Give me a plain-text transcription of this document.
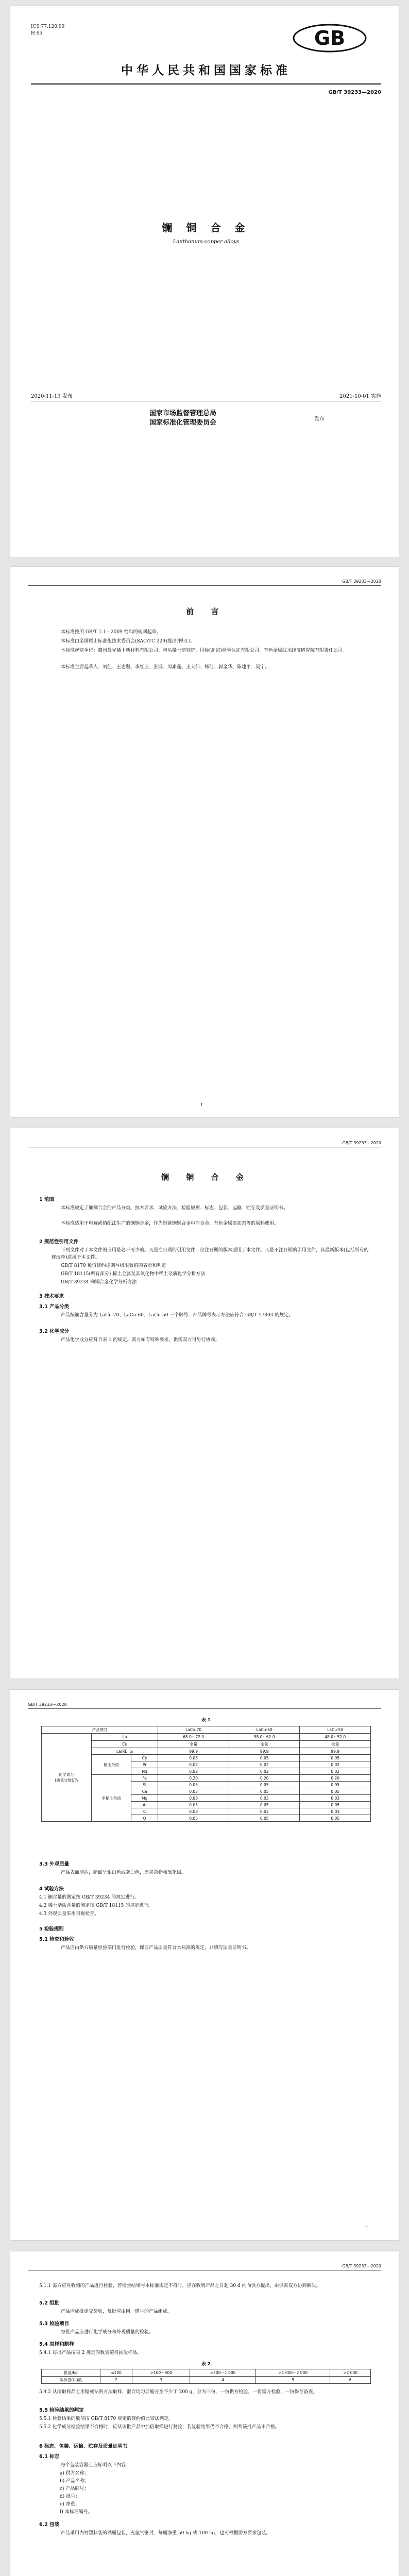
ICS 77.120.99
H 65	GB
中华人民共和国国家标准
GB/T 39233—2020
镧 铜 合 金
Lanthanum-copper alloys
2020-11-19 发布	2021-10-01 实施
国家市场监督管理总局
国家标准化管理委员会	发布
GB/T 39233—2020
前 言
本标准按照 GB/T 1.1—2009 给出的规则起草。
本标准由全国稀土标准化技术委员会(SAC/TC 229)提出并归口。
本标准起草单位：赣州晨光稀土新材料有限公司、包头稀土研究院、国标(北京)检验认证有限公司、有色金属技术经济研究院有限责任公司。
本标准主要起草人：刘佳、王志坚、李红卫、张鸿、周素莲、王大伟、杨红、郭金华、陈建平、吴宁。
I
GB/T 39233—2020
镧 铜 合 金
1 范围
本标准规定了镧铜合金的产品分类、技术要求、试验方法、检验规则、标志、包装、运输、贮存及质量证明书。
本标准适用于电解或熔配法生产的镧铜合金，作为制备镧铜合金中间合金、有色金属添加剂等的原料使用。
2 规范性引用文件
下列文件对于本文件的应用是必不可少的。凡是注日期的引用文件，仅注日期的版本适用于本文件。凡是不注日期的引用文件，其最新版本(包括所有的修改单)适用于本文件。
GB/T 8170 数值修约规则与极限数值的表示和判定
GB/T 18115(所有部分) 稀土金属及其氧化物中稀土杂质化学分析方法
GB/T 39234 镧铜合金化学分析方法
3 技术要求
3.1 产品分类
产品按镧含量分为 LaCu-70、LaCu-60、LaCu-50 三个牌号，产品牌号表示方法应符合 GB/T 17803 的规定。
3.2 化学成分
产品化学成分应符合表 1 的规定。需方如有特殊要求，供需双方可另行协商。
GB/T 39233—2020
表 1
产品牌号			LaCu-70	LaCu-60	LaCu-50
化学成分
(质量分数)/%	La		68.0～72.0	58.0～62.0	48.0～52.0
	Cu		余量	余量	余量
	La/RE, ≥		99.9	99.9	99.9
	稀土杂质	Ce	0.05	0.05	0.05
		Pr	0.02	0.02	0.02
		Nd	0.02	0.02	0.02
	非稀土杂质	Fe	0.20	0.20	0.20
		Si	0.05	0.05	0.05
		Ca	0.05	0.05	0.05
		Mg	0.03	0.03	0.03
		Al	0.05	0.05	0.05
		C	0.03	0.03	0.03
		O	0.05	0.05	0.05
3.3 外观质量
产品表面清洁，断面呈银白色或灰白色，无夹杂物和氧化层。
4 试验方法
4.1 镧含量的测定按 GB/T 39234 的规定进行。
4.2 稀土杂质含量的测定按 GB/T 18115 的规定进行。
4.3 外观质量采用目视检查。
5 检验规则
5.1 检查和验收
产品应由供方质量检验部门进行检验，保证产品质量符合本标准的规定，并填写质量证明书。
1
GB/T 39233—2020
5.1.1 需方应对收到的产品进行检验，若检验结果与本标准规定不符时，应在收到产品之日起 30 d 内向供方提出，由供需双方协商解决。
5.2 组批
产品应成批提交验收，每批应由同一牌号的产品组成。
5.3 检验项目
每批产品应进行化学成分和外观质量的检验。
5.4 取样和制样
5.4.1 每批产品按表 2 规定的数量随机抽取样品。
表 2
批量/kg	≤100	>100～500	>500～1 000	>1 000～2 000	>2 000
取样袋(块)数	2	3	4	5	6
5.4.2 从所取样品上用锯或钻的方法取样，混合均匀后缩分至不少于 200 g，分为三份，一份供方检验，一份需方检验，一份保存备查。
5.5 检验结果的判定
5.5.1 检验结果的数值按 GB/T 8170 规定的修约值比较法判定。
5.5.2 化学成分检验结果不合格时，应从该批产品中加倍取样进行复验，若复验结果仍不合格，则判该批产品不合格。
6 标志、包装、运输、贮存及质量证明书
6.1 标志
每个包装容器上应标明以下内容：
a) 供方名称；
b) 产品名称；
c) 产品牌号；
d) 批号；
e) 净重；
f) 本标准编号。
6.2 包装
产品采用内衬塑料袋的铁桶包装，充氩气密封，每桶净重 50 kg 或 100 kg，也可根据需方要求包装。
